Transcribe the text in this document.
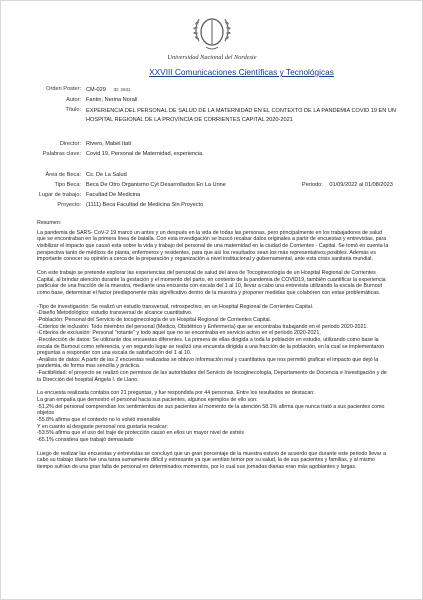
Universidad Nacional del Nordeste
XXVIII Comunicaciones Científicas y Tecnológicas
Orden Poster: CM-029 ID: 2631
Autor: Fantin, Nerina Noralí
Título: EXPERIENCIA DEL PERSONAL DE SALUD DE LA MATERNIDAD EN EL CONTEXTO DE LA PANDEMIA COVID 19 EN UN HOSPITAL REGIONAL DE LA PROVINCIA DE CORRIENTES CAPITAL 2020-2021
Director: Rivero, Mabel Itatí
Palabras clave: Covid 19, Personal de Maternidad, experiencia.
Área de Beca: Cs. De La Salud
Tipo Beca: Beca De Otro Organismo Cyt Desarrollados En La Unne	Periodo: 01/09/2022 al 01/08/2023
Lugar de trabajo: Facultad De Medicina
Proyecto: (1111) Beca Facultad de Medicina Sin Proyecto

Resumen:

La pandemia de SARS- CoV-2 19 marcó un antes y un después en la vida de todas las personas, pero principalmente en los trabajadores de salud que se encontraban en la primera línea de batalla. Con esta investigación se buscó recabar datos originales a partir de encuestas y entrevistas, para visibilizar el impacto que causó esta sobre la vida y trabajo del personal de una maternidad en la ciudad de Corrientes - Capital. Se tomó en cuenta la perspectiva tanto de médicos de planta, enfermeros y residentes, para que así los resultados sean los más representativos posibles. Además es importante conocer su opinión a cerca de la preparación y organización a nivel institucional y gubernamental, ante esta crisis sanitaria mundial.

Con este trabajo se pretende explorar las experiencias del personal de salud del área de Tocoginecología de un Hospital Regional de Corrientes Capital, al brindar atención durante la gestación y el momento del parto, en contexto de la pandemia de COVID19, también cuantificar la experiencia particular de una fracción de la muestra, mediante una encuesta con escala del 1 al 10, llevar a cabo una entrevista utilizando la escala de Burnout como base, determinar el factor predisponente más significativo dentro de la muestra y proponer medidas que colaboren con estas problemáticas.

-Tipo de investigación: Se realizó un estudio transversal, retrospectivo, en un Hospital Regional de Corrientes Capital.

-Diseño Metodológico: estudio transversal de alcance cuantitativo.

-Población: Personal del Servicio de tocoginecología de un Hospital Regional de Corrientes Capital.

-Criterios de inclusión: Todo miembro del personal (Medico, Obstétrico y Enfermería) que se encontraba trabajando en el periodo 2020-2021.

-Criterios de exclusión: Personal "rotante" y todo aquel que no se encontraba en servicio activo en el período 2020-2021.

-Recolección de datos: Se utilizarán dos encuestas diferentes. La primera de ellas dirigida a toda la población en estudio, utilizando como base la escala de Burnout como referencia, y en segundo lugar se realizó una encuesta dirigida a una fracción de la población, en la cual se implementaron preguntas a responder con una escala de satisfacción del 1 al 10.

-Análisis de datos: A partir de las 2 encuestas realizadas se obtuvo información real y cuantitativa que nos permitió graficar el impacto que dejó la pandemia, de forma mas sencilla y práctica.

-Factibilidad: el proyecto se realizó con permisos de las autoridades del Servicio de tocoginecología, Departamento de Docencia e Investigación y de la Dirección del hospital Ángela I. de Llano.

La encuesta realizada contaba con 21 preguntas, y fue respondida por 44 personas. Entre los resultados se destacan:

La gran empatía que demostró el personal hacia sus pacientes, algunos ejemplos de ello son:

-51,2% del personal comprendían los sentimientos de sus pacientes al momento de la atención 58.1% afirma que nunca trató a sus pacientes como objetos

-55.8% afirma que el contexto no lo volvió insensible

Y en cuanto al desgaste personal nos gustaría recalcar:

-53.5% afirma que el uso del traje de protección causó en ellos un mayor nivel de estrés

-65.1% considera que trabajó demasiado

Luego de realizar las encuestas y entrevistas se concluyó que un gran porcentaje de la muestra estuvo de acuerdo que durante este periodo llevar a cabo su trabajo diario fue una tarea sumamente difícil y estresante ya que sentían temor por su salud, la de sus pacientes y familias, y al mismo tiempo sufrían de una gran falta de personal en determinados momentos, por lo cual sus jornadas diarias eran más agobiantes y largas.
